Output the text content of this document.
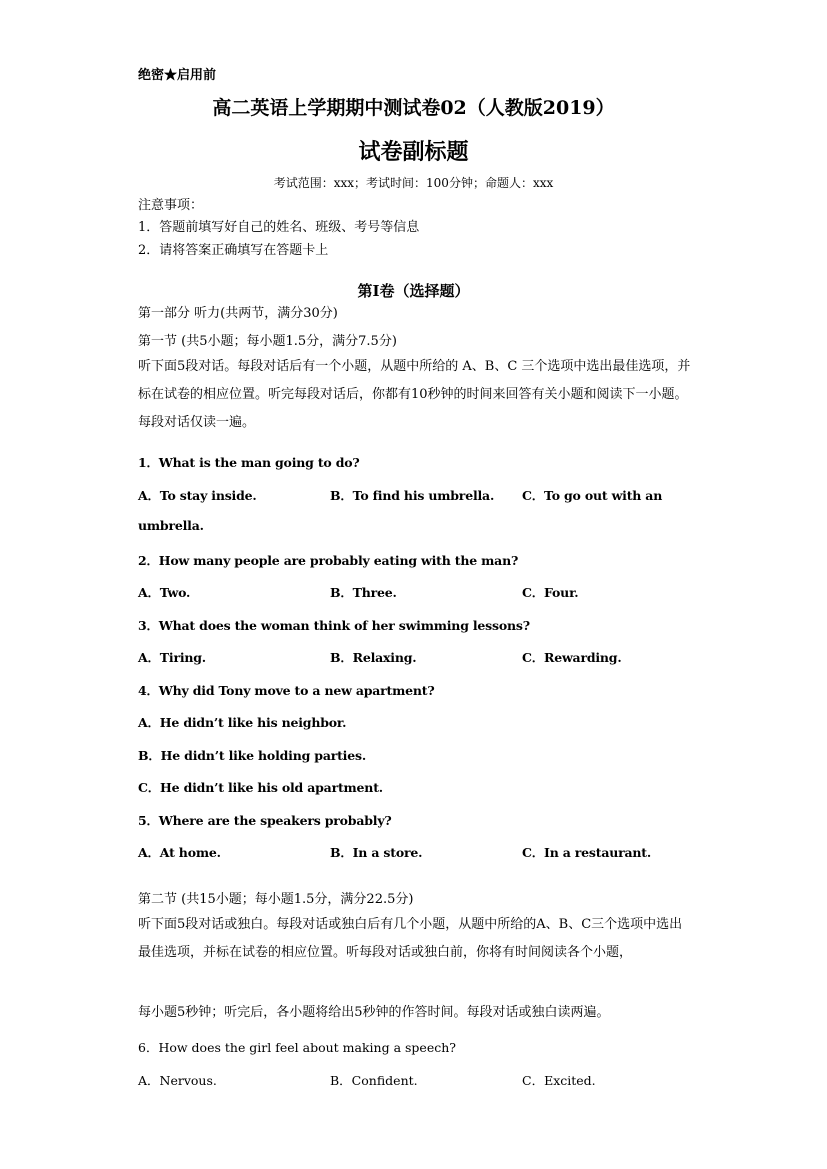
绝密★启用前
高二英语上学期期中测试卷02（人教版2019）
试卷副标题
考试范围：xxx；考试时间：100分钟；命题人：xxx
注意事项：
1．答题前填写好自己的姓名、班级、考号等信息
2．请将答案正确填写在答题卡上
第I卷（选择题）
第一部分 听力(共两节，满分30分)
第一节 (共5小题；每小题1.5分，满分7.5分)
听下面5段对话。每段对话后有一个小题，从题中所给的 A、B、C 三个选项中选出最佳选项，并标在试卷的相应位置。听完每段对话后，你都有10秒钟的时间来回答有关小题和阅读下一小题。每段对话仅读一遍。
1．What is the man going to do?
A．To stay inside.	B．To find his umbrella. C．To go out with an
umbrella.
2．How many people are probably eating with the man?
A．Two.	B．Three.	C．Four.
3．What does the woman think of her swimming lessons?
A．Tiring.	B．Relaxing.	C．Rewarding.
4．Why did Tony move to a new apartment?
A．He didn’t like his neighbor.
B．He didn’t like holding parties.
C．He didn’t like his old apartment.
5．Where are the speakers probably?
A．At home.	B．In a store.	C．In a restaurant.
第二节 (共15小题；每小题1.5分，满分22.5分)
听下面5段对话或独白。每段对话或独白后有几个小题，从题中所给的A、B、C三个选项中选出最佳选项，并标在试卷的相应位置。听每段对话或独白前，你将有时间阅读各个小题，
每小题5秒钟；听完后，各小题将给出5秒钟的作答时间。每段对话或独白读两遍。
6．How does the girl feel about making a speech?
A．Nervous.	B．Confident.	C．Excited.
